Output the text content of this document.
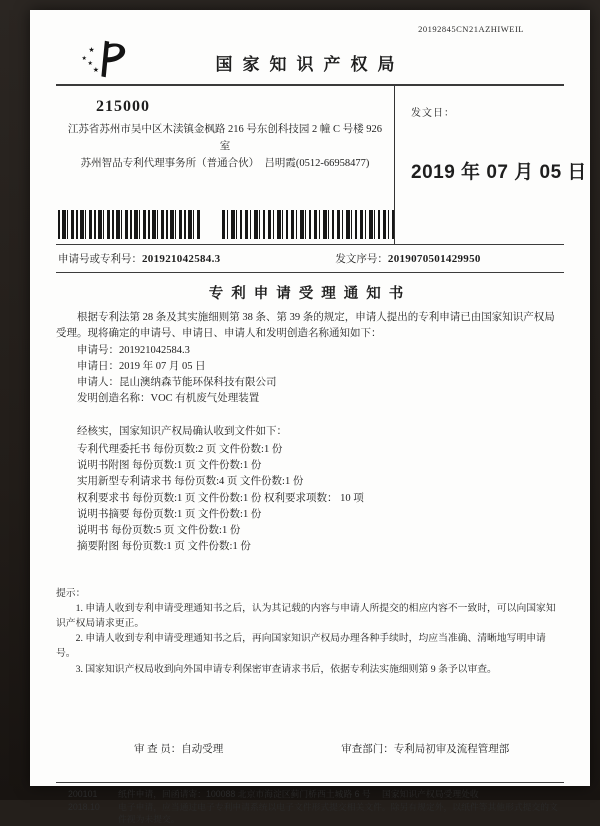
20192845CN21AZHIWEIL
★
★
★
★	国家知识产权局
215000
江苏省苏州市吴中区木渎镇金枫路 216 号东创科技园 2 幢 C 号楼 926
室
苏州智品专利代理事务所（普通合伙）　吕明霞(0512-66958477)
发文日：
2019 年 07 月 05 日
申请号或专利号：201921042584.3	发文序号：2019070501429950
专利申请受理通知书

根据专利法第 28 条及其实施细则第 38 条、第 39 条的规定，申请人提出的专利申请已由国家知识产权局受理。现将确定的申请号、申请日、申请人和发明创造名称通知如下：

申请号：201921042584.3
申请日：2019 年 07 月 05 日
申请人：昆山澳纳森节能环保科技有限公司
发明创造名称：VOC 有机废气处理装置
经核实，国家知识产权局确认收到文件如下：
专利代理委托书 每份页数:2 页 文件份数:1 份
说明书附图 每份页数:1 页 文件份数:1 份
实用新型专利请求书 每份页数:4 页 文件份数:1 份
权利要求书 每份页数:1 页 文件份数:1 份 权利要求项数： 10 项
说明书摘要 每份页数:1 页 文件份数:1 份
说明书 每份页数:5 页 文件份数:1 份
摘要附图 每份页数:1 页 文件份数:1 份
提示：
1. 申请人收到专利申请受理通知书之后，认为其记载的内容与申请人所提交的相应内容不一致时，可以向国家知识产权局请求更正。
2. 申请人收到专利申请受理通知书之后，再向国家知识产权局办理各种手续时，均应当准确、清晰地写明申请号。
3. 国家知识产权局收到向外国申请专利保密审查请求书后，依据专利法实施细则第 9 条予以审查。
审 查 员：自动受理	审查部门：专利局初审及流程管理部
200101
2018.10
纸件申请，回函请寄：100088 北京市海淀区蓟门桥西土城路 6 号　 国家知识产权局受理处收
电子申请，应当通过电子专利申请系统以电子文件形式提交相关文件。除另有规定外，以纸件等其他形式提交的文件视为未提交。
